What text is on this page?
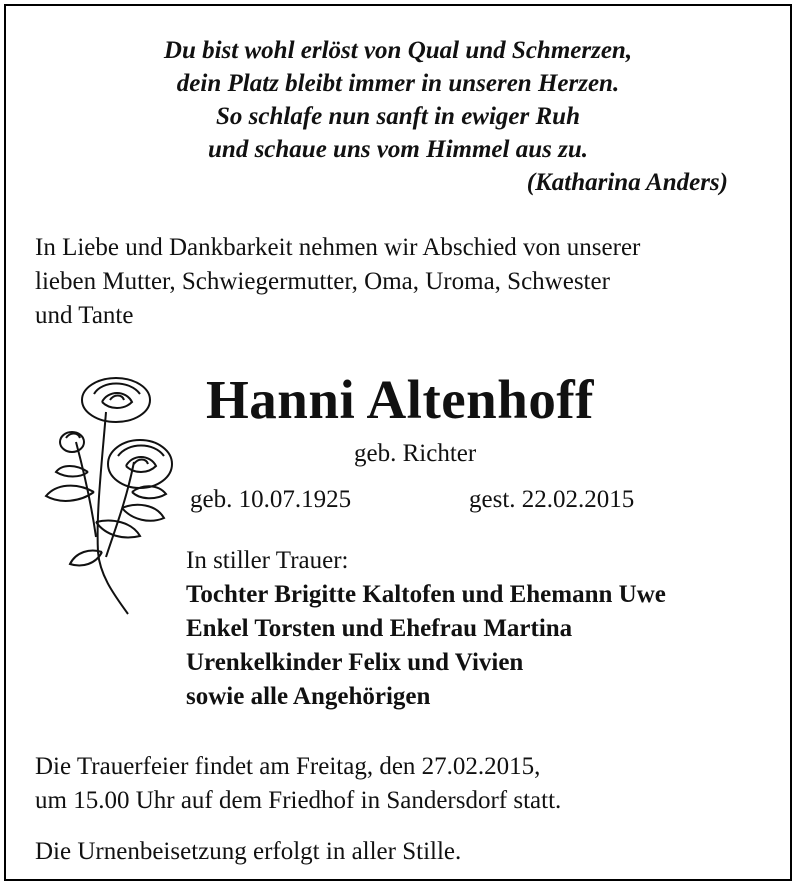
Du bist wohl erlöst von Qual und Schmerzen,
dein Platz bleibt immer in unseren Herzen.
So schlafe nun sanft in ewiger Ruh
und schaue uns vom Himmel aus zu.
(Katharina Anders)
In Liebe und Dankbarkeit nehmen wir Abschied von unserer
lieben Mutter, Schwiegermutter, Oma, Uroma, Schwester
und Tante
Hanni Altenhoff
geb. Richter
geb. 10.07.1925	gest. 22.02.2015
In stiller Trauer:
Tochter Brigitte Kaltofen und Ehemann Uwe
Enkel Torsten und Ehefrau Martina
Urenkelkinder Felix und Vivien
sowie alle Angehörigen
Die Trauerfeier findet am Freitag, den 27.02.2015,
um 15.00 Uhr auf dem Friedhof in Sandersdorf statt.
Die Urnenbeisetzung erfolgt in aller Stille.
